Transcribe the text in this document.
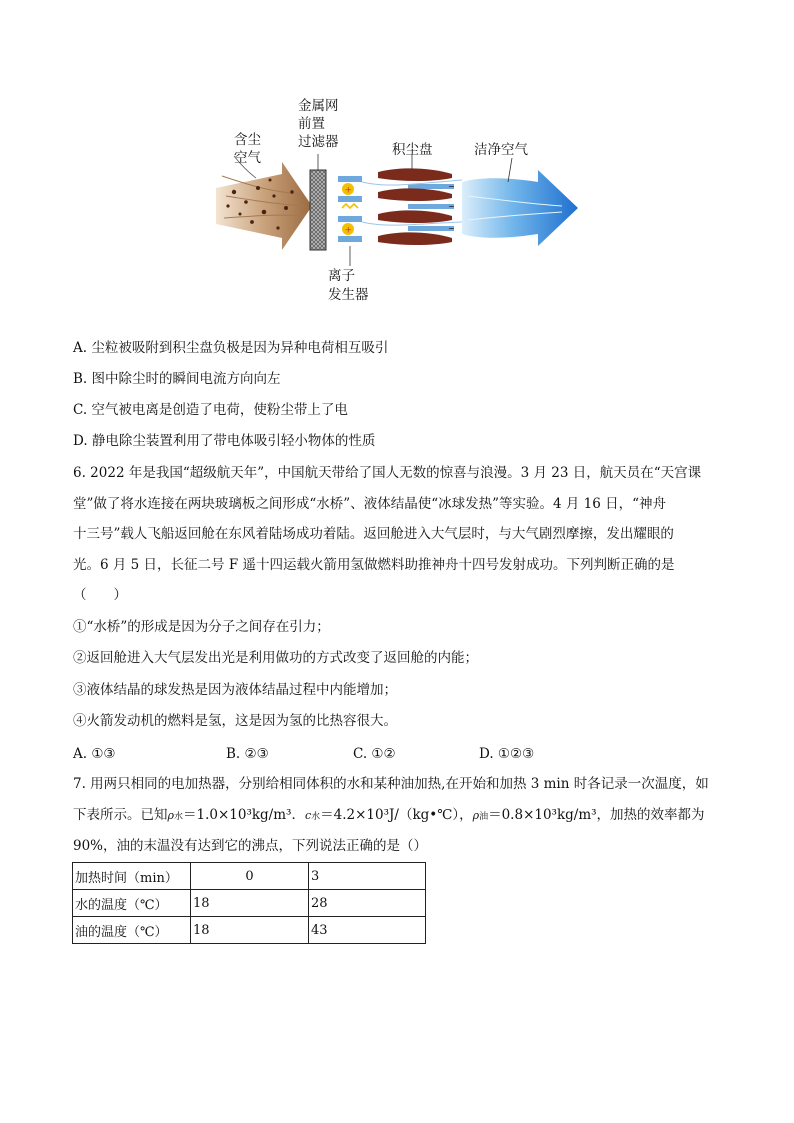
+
+
−
−
−
含尘
空气
金属网
前置
过滤器	积尘盘	洁净空气
离子
发生器
A. 尘粒被吸附到积尘盘负极是因为异种电荷相互吸引
B. 图中除尘时的瞬间电流方向向左
C. 空气被电离是创造了电荷，使粉尘带上了电
D. 静电除尘装置利用了带电体吸引轻小物体的性质
6. 2022 年是我国“超级航天年”，中国航天带给了国人无数的惊喜与浪漫。3 月 23 日，航天员在“天宫课
堂”做了将水连接在两块玻璃板之间形成“水桥”、液体结晶使“冰球发热”等实验。4 月 16 日，“神舟
十三号”载人飞船返回舱在东风着陆场成功着陆。返回舱进入大气层时，与大气剧烈摩擦，发出耀眼的
光。6 月 5 日，长征二号 F 遥十四运载火箭用氢做燃料助推神舟十四号发射成功。下列判断正确的是
（　　）
①“水桥”的形成是因为分子之间存在引力；
②返回舱进入大气层发出光是利用做功的方式改变了返回舱的内能；
③液体结晶的球发热是因为液体结晶过程中内能增加；
④火箭发动机的燃料是氢，这是因为氢的比热容很大。
A. ①③	B. ②③	C. ①②	D. ①②③
7. 用两只相同的电加热器，分别给相同体积的水和某种油加热,在开始和加热 3 min 时各记录一次温度，如
下表所示。已知ρ水＝1.0×10³kg/m³．c水＝4.2×10³J/（kg•℃），ρ油＝0.8×10³kg/m³，加热的效率都为
90%，油的末温没有达到它的沸点，下列说法正确的是（）
加热时间（min）	0	3
水的温度（℃）	18	28
油的温度（℃）	18	43
